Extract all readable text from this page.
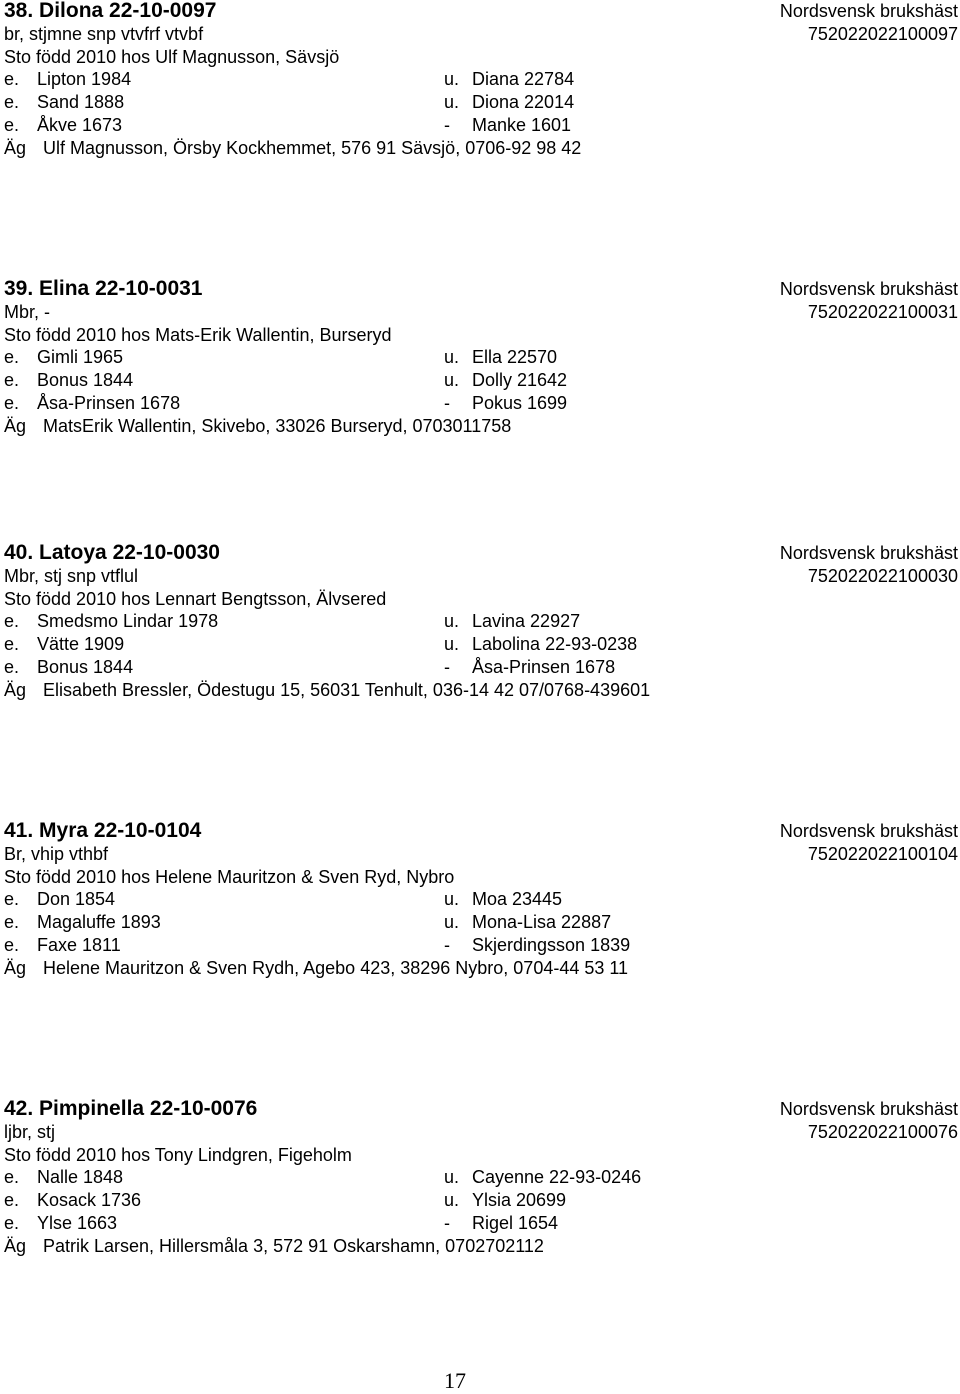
38. Dilona 22-10-0097	Nordsvensk brukshäst
br, stjmne snp vtvfrf vtvbf	752022022100097
Sto född 2010 hos Ulf Magnusson, Sävsjö
e. Lipton 1984	u. Diana 22784
e. Sand 1888	u. Diona 22014
e. Åkve 1673	- Manke 1601
Äg Ulf Magnusson, Örsby Kockhemmet, 576 91 Sävsjö, 0706-92 98 42
39. Elina 22-10-0031	Nordsvensk brukshäst
Mbr, -	752022022100031
Sto född 2010 hos Mats-Erik Wallentin, Burseryd
e. Gimli 1965	u. Ella 22570
e. Bonus 1844	u. Dolly 21642
e. Åsa-Prinsen 1678	- Pokus 1699
Äg MatsErik Wallentin, Skivebo, 33026 Burseryd, 0703011758
40. Latoya 22-10-0030	Nordsvensk brukshäst
Mbr, stj snp vtflul	752022022100030
Sto född 2010 hos Lennart Bengtsson, Älvsered
e. Smedsmo Lindar 1978	u. Lavina 22927
e. Vätte 1909	u. Labolina 22-93-0238
e. Bonus 1844	- Åsa-Prinsen 1678
Äg Elisabeth Bressler, Ödestugu 15, 56031 Tenhult, 036-14 42 07/0768-439601
41. Myra 22-10-0104	Nordsvensk brukshäst
Br, vhip vthbf	752022022100104
Sto född 2010 hos Helene Mauritzon & Sven Ryd, Nybro
e. Don 1854	u. Moa 23445
e. Magaluffe 1893	u. Mona-Lisa 22887
e. Faxe 1811	- Skjerdingsson 1839
Äg Helene Mauritzon & Sven Rydh, Agebo 423, 38296 Nybro, 0704-44 53 11
42. Pimpinella 22-10-0076	Nordsvensk brukshäst
ljbr, stj	752022022100076
Sto född 2010 hos Tony Lindgren, Figeholm
e. Nalle 1848	u. Cayenne 22-93-0246
e. Kosack 1736	u. Ylsia 20699
e. Ylse 1663	- Rigel 1654
Äg Patrik Larsen, Hillersmåla 3, 572 91 Oskarshamn, 0702702112
17
